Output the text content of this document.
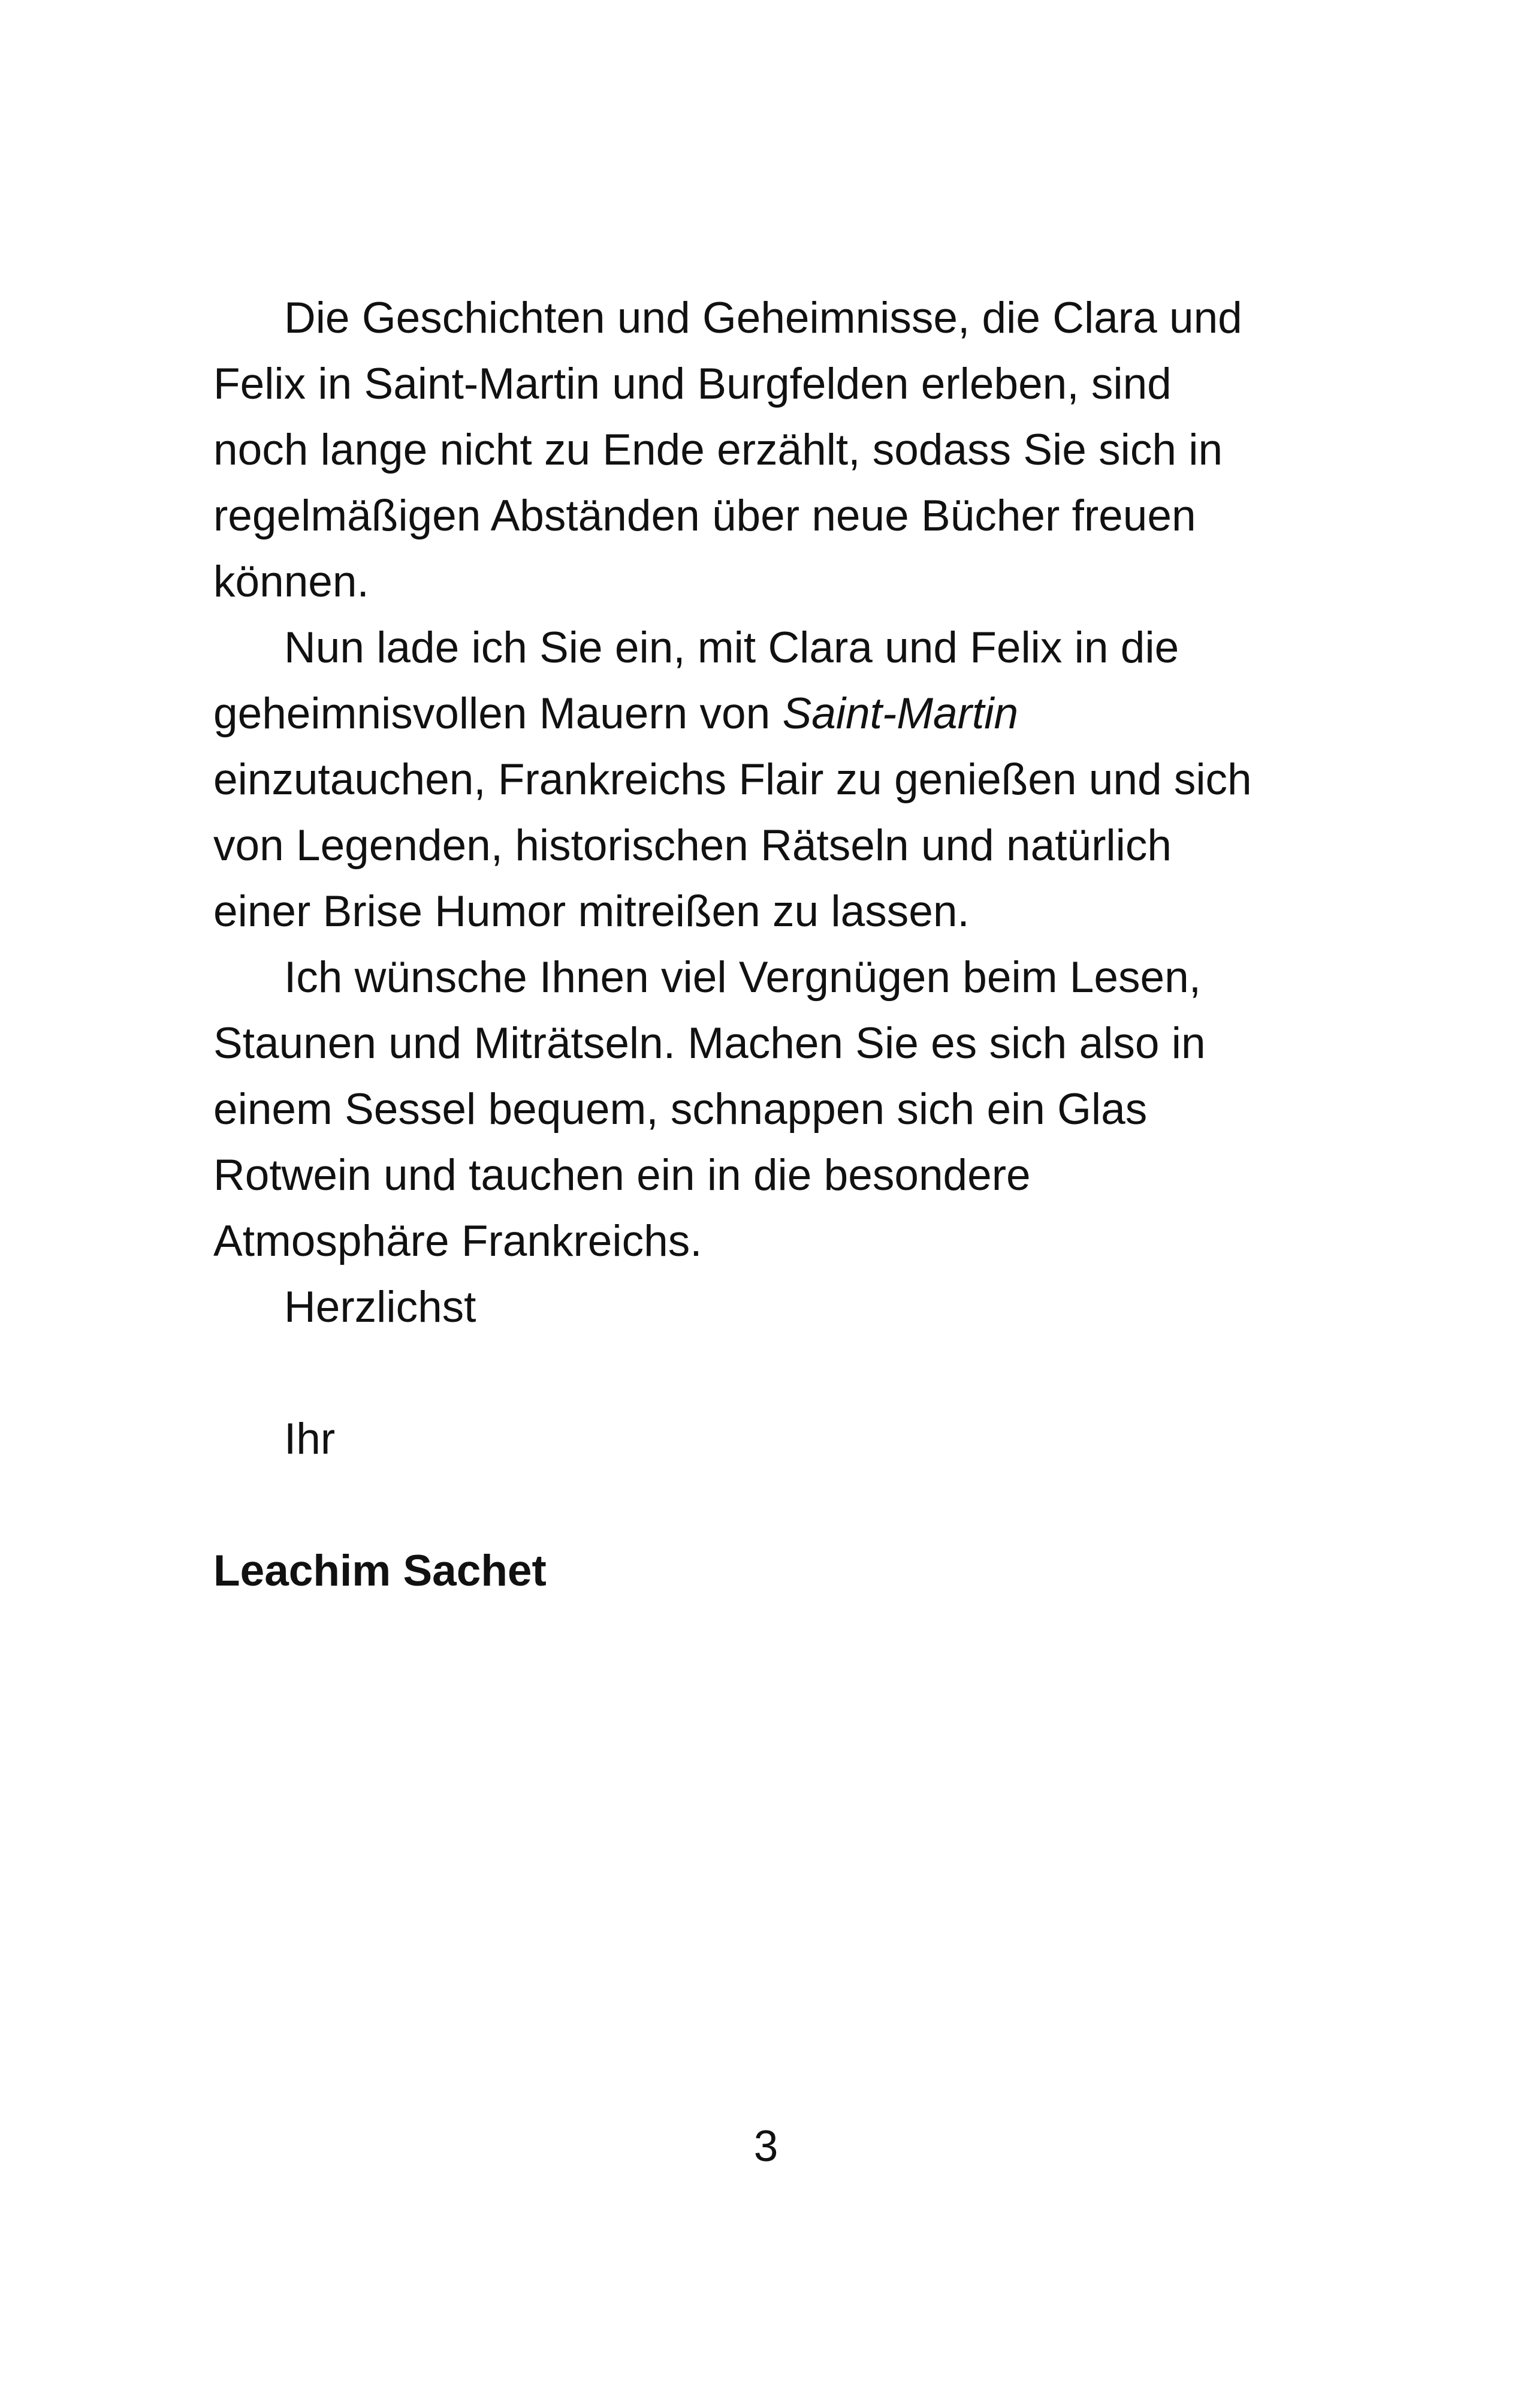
Die Geschichten und Geheimnisse, die Clara und
Felix in Saint-Martin und Burgfelden erleben, sind
noch lange nicht zu Ende erzählt, sodass Sie sich in
regelmäßigen Abständen über neue Bücher freuen
können.

Nun lade ich Sie ein, mit Clara und Felix in die
geheimnisvollen Mauern von Saint-Martin
einzutauchen, Frankreichs Flair zu genießen und sich
von Legenden, historischen Rätseln und natürlich
einer Brise Humor mitreißen zu lassen.

Ich wünsche Ihnen viel Vergnügen beim Lesen,
Staunen und Miträtseln. Machen Sie es sich also in
einem Sessel bequem, schnappen sich ein Glas
Rotwein und tauchen ein in die besondere
Atmosphäre Frankreichs.

Herzlichst

Ihr

Leachim Sachet

3
